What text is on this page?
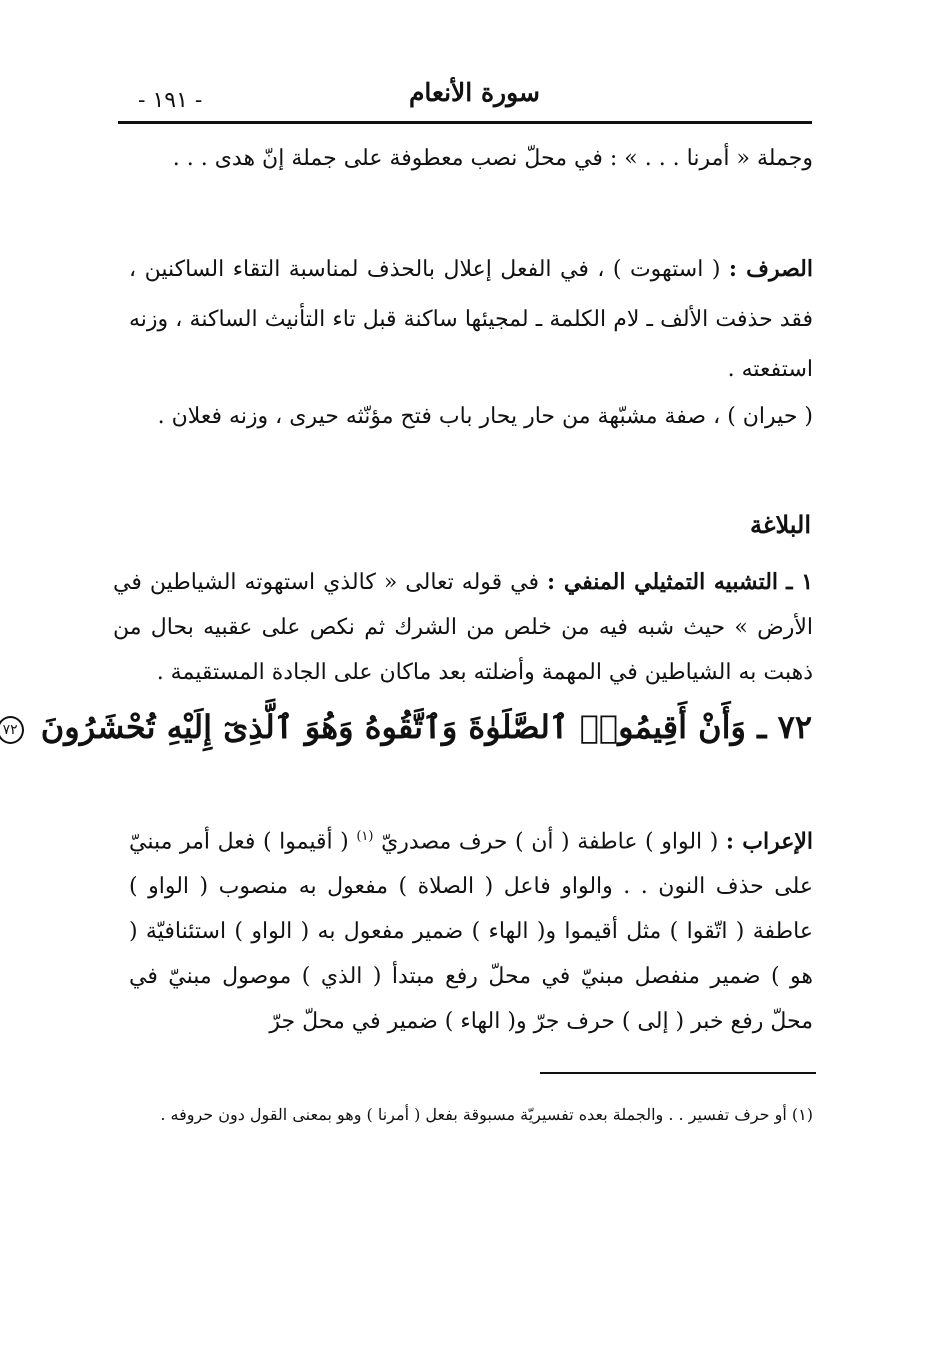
سورة الأنعام
- ١٩١ -

وجملة « أمرنا . . . » : في محلّ نصب معطوفة على جملة إنّ هدى . . .

الصرف : ( استهوت ) ، في الفعل إعلال بالحذف لمناسبة التقاء الساكنين ، فقد حذفت الألف ـ لام الكلمة ـ لمجيئها ساكنة قبل تاء التأنيث الساكنة ، وزنه استفعته .

( حيران ) ، صفة مشبّهة من حار يحار باب فتح مؤنّثه حيرى ، وزنه فعلان .

البلاغة

١ ـ التشبيه التمثيلي المنفي : في قوله تعالى « كالذي استهوته الشياطين في الأرض » حيث شبه فيه من خلص من الشرك ثم نكص على عقبيه بحال من ذهبت به الشياطين في المهمة وأضلته بعد ماكان على الجادة المستقيمة .

٧٢ ـ وَأَنْ أَقِيمُوا۟ ٱلصَّلَوٰةَ وَٱتَّقُوهُ وَهُوَ ٱلَّذِىٓ إِلَيْهِ تُحْشَرُونَ ٧٢

الإعراب : ( الواو ) عاطفة ( أن ) حرف مصدريّ $^{(١)}$ ( أقيموا ) فعل أمر مبنيّ على حذف النون . . والواو فاعل ( الصلاة ) مفعول به منصوب ( الواو ) عاطفة ( اتّقوا ) مثل أقيموا و( الهاء ) ضمير مفعول به ( الواو ) استئنافيّة ( هو ) ضمير منفصل مبنيّ في محلّ رفع مبتدأ ( الذي ) موصول مبنيّ في محلّ رفع خبر ( إلى ) حرف جرّ و( الهاء ) ضمير في محلّ جرّ

(١) أو حرف تفسير . . والجملة بعده تفسيريّة مسبوقة بفعل ( أمرنا ) وهو بمعنى القول دون حروفه .
